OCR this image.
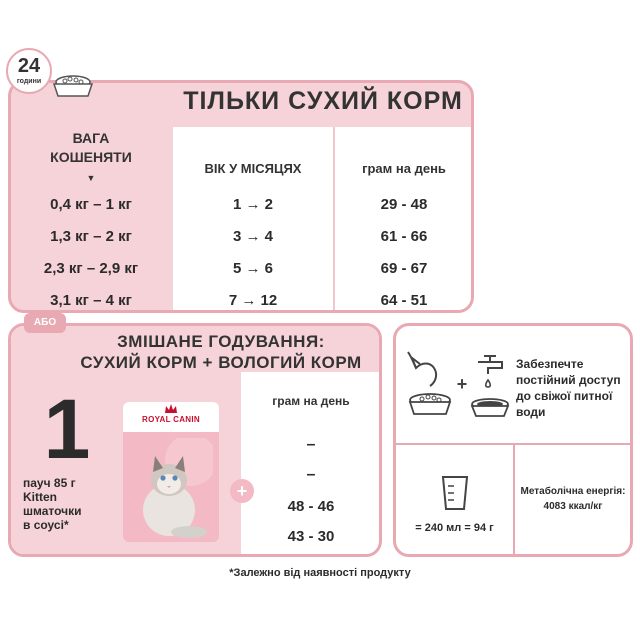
ТІЛЬКИ СУХИЙ КОРМ
ВАГА
КОШЕНЯТИ
▼
ВІК У МІСЯЦЯХ	грам на день
0,4 кг – 1 кг
1,3 кг – 2 кг
2,3 кг – 2,9 кг
3,1 кг – 4 кг
1 → 2
3 → 4
5 → 6
7 → 12
29 - 48
61 - 66
69 - 67
64 - 51
24
години
ЗМІШАНЕ ГОДУВАННЯ:
СУХИЙ КОРМ + ВОЛОГИЙ КОРМ
1
пауч 85 г
Kitten
шматочки
в соусі*
ROYAL CANIN
+
грам на день
–
–
48 - 46
43 - 30
АБО
+
Забезпечте
постійний доступ
до свіжої питної
води
= 240 мл = 94 г
Метаболічна енергія:
4083 ккал/кг
*Залежно від наявності продукту
